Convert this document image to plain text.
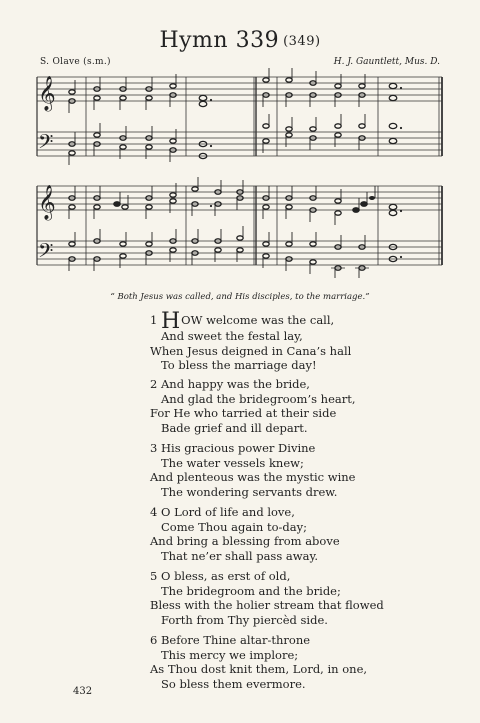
Hymn 339 (349)
S. Olave (s.m.)	H. J. Gauntlett, Mus. D.
𝄞
𝄢
𝄞
𝄢
“ Both Jesus was called, and His disciples, to the marriage.”
1 HOW welcome was the call,
And sweet the festal lay,
When Jesus deigned in Cana’s hall
To bless the marriage day!
2 And happy was the bride,
And glad the bridegroom’s heart,
For He who tarried at their side
Bade grief and ill depart.
3 His gracious power Divine
The water vessels knew;
And plenteous was the mystic wine
The wondering servants drew.
4 O Lord of life and love,
Come Thou again to-day;
And bring a blessing from above
That ne’er shall pass away.
5 O bless, as erst of old,
The bridegroom and the bride;
Bless with the holier stream that flowed
Forth from Thy piercèd side.
6 Before Thine altar-throne
This mercy we implore;
As Thou dost knit them, Lord, in one,
So bless them evermore.
432
